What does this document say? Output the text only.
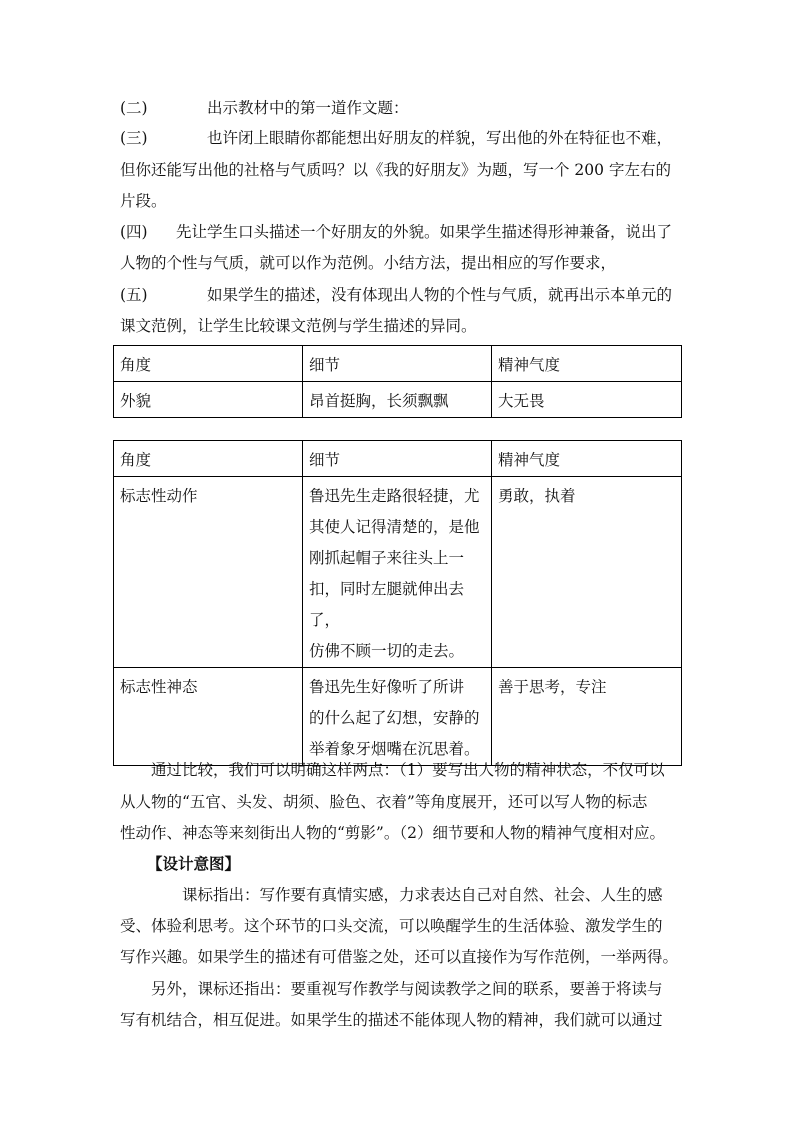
(二)	出示教材中的第一道作文题：
(三)	也许闭上眼睛你都能想出好朋友的样貌，写出他的外在特征也不难，
但你还能写出他的社格与气质吗？以《我的好朋友》为题，写一个 200 字左右的
片段。
(四) 先让学生口头描述一个好朋友的外貌。如果学生描述得形神兼备，说出了
人物的个性与气质，就可以作为范例。小结方法，提出相应的写作要求，
(五)	如果学生的描述，没有体现出人物的个性与气质，就再出示本单元的
课文范例，让学生比较课文范例与学生描述的异同。
角度	细节	精神气度
外貌	昂首挺胸，长须飘飘	大无畏
角度	细节	精神气度
标志性动作	鲁迅先生走路很轻捷，尤
其使人记得清楚的，是他
刚抓起帽子来往头上一
扣，同时左腿就伸出去了，
仿佛不顾一切的走去。	勇敢，执着
标志性神态	鲁迅先生好像听了所讲
的什么起了幻想，安静的
举着象牙烟嘴在沉思着。	善于思考，专注
通过比较，我们可以明确这样两点：（1）要写出人物的精神状态，不仅可以
从人物的“五官、头发、胡须、脸色、衣着”等角度展开，还可以写人物的标志
性动作、神态等来刻街出人物的“剪影”。（2）细节要和人物的精神气度相对应。
【设计意图】
课标指出：写作要有真情实感，力求表达自己对自然、社会、人生的感
受、体验利思考。这个环节的口头交流，可以唤醒学生的生活体验、激发学生的
写作兴趣。如果学生的描述有可借鉴之处，还可以直接作为写作范例，一举两得。
另外，课标还指出：要重视写作教学与阅读教学之间的联系，要善于将读与
写有机结合，相互促进。如果学生的描述不能体现人物的精神，我们就可以通过
